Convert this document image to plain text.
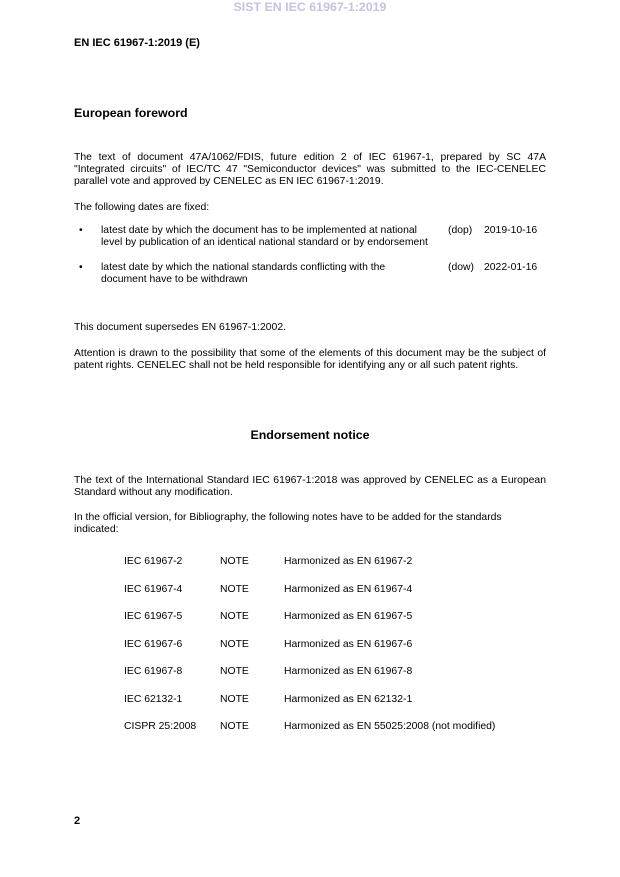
SIST EN IEC 61967-1:2019
EN IEC 61967-1:2019 (E)
European foreword
The text of document 47A/1062/FDIS, future edition 2 of IEC 61967-1, prepared by SC 47A
"Integrated circuits" of IEC/TC 47 "Semiconductor devices" was submitted to the IEC-CENELEC
parallel vote and approved by CENELEC as EN IEC 61967-1:2019.
The following dates are fixed:
• latest date by which the document has to be implemented at national
level by publication of an identical national standard or by endorsement
(dop) 2019-10-16
• latest date by which the national standards conflicting with the
document have to be withdrawn
(dow) 2022-01-16
This document supersedes EN 61967-1:2002.
Attention is drawn to the possibility that some of the elements of this document may be the subject of
patent rights. CENELEC shall not be held responsible for identifying any or all such patent rights.
Endorsement notice
The text of the International Standard IEC 61967-1:2018 was approved by CENELEC as a European
Standard without any modification.
In the official version, for Bibliography, the following notes have to be added for the standards
indicated:
IEC 61967-2	NOTE	Harmonized as EN 61967-2
IEC 61967-4	NOTE	Harmonized as EN 61967-4
IEC 61967-5	NOTE	Harmonized as EN 61967-5
IEC 61967-6	NOTE	Harmonized as EN 61967-6
IEC 61967-8	NOTE	Harmonized as EN 61967-8
IEC 62132-1	NOTE	Harmonized as EN 62132-1
CISPR 25:2008 NOTE	Harmonized as EN 55025:2008 (not modified)
2
